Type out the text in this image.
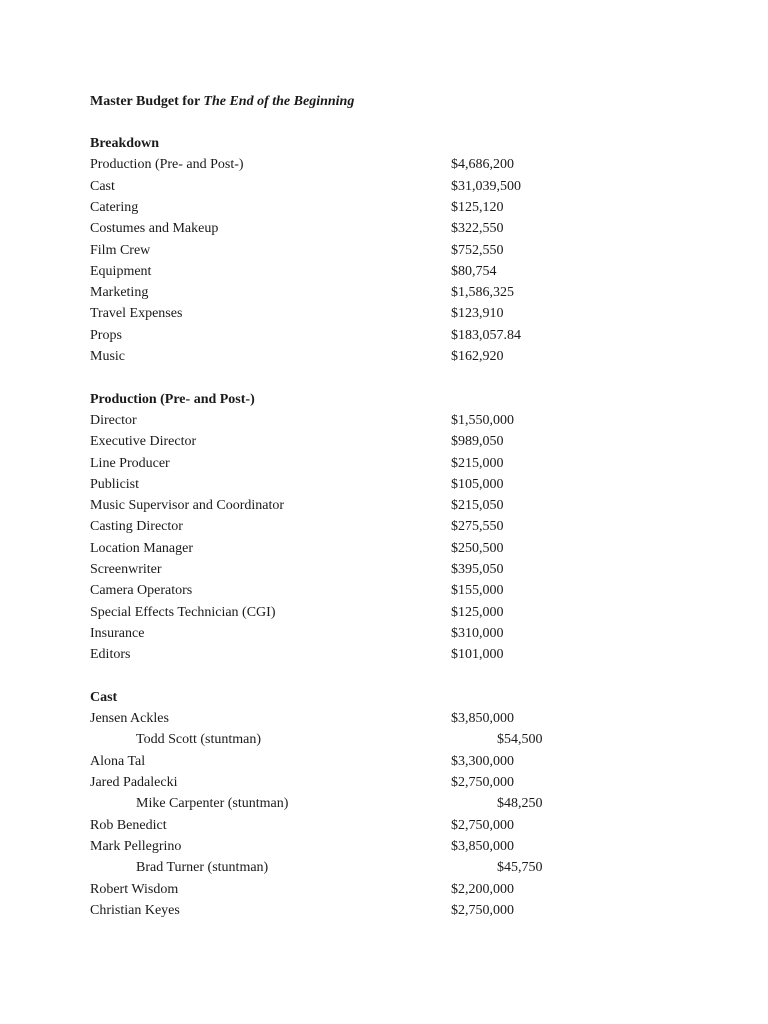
Master Budget for The End of the Beginning
Breakdown
Production (Pre- and Post-)	$4,686,200
Cast	$31,039,500
Catering	$125,120
Costumes and Makeup	$322,550
Film Crew	$752,550
Equipment	$80,754
Marketing	$1,586,325
Travel Expenses	$123,910
Props	$183,057.84
Music	$162,920
Production (Pre- and Post-)
Director	$1,550,000
Executive Director	$989,050
Line Producer	$215,000
Publicist	$105,000
Music Supervisor and Coordinator	$215,050
Casting Director	$275,550
Location Manager	$250,500
Screenwriter	$395,050
Camera Operators	$155,000
Special Effects Technician (CGI)	$125,000
Insurance	$310,000
Editors	$101,000
Cast
Jensen Ackles	$3,850,000
Todd Scott (stuntman)	$54,500
Alona Tal	$3,300,000
Jared Padalecki	$2,750,000
Mike Carpenter (stuntman)	$48,250
Rob Benedict	$2,750,000
Mark Pellegrino	$3,850,000
Brad Turner (stuntman)	$45,750
Robert Wisdom	$2,200,000
Christian Keyes	$2,750,000
